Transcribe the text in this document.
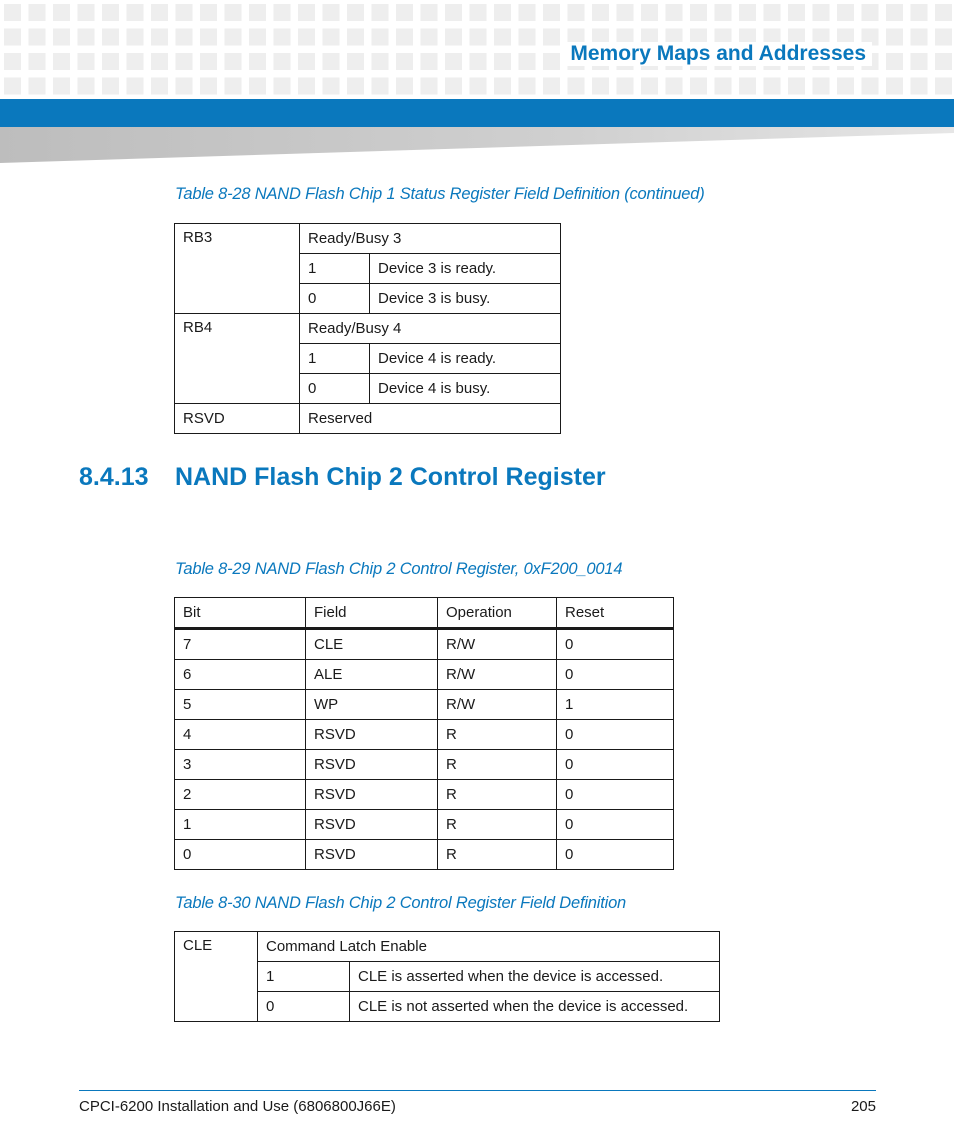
Memory Maps and Addresses
Table 8-28 NAND Flash Chip 1 Status Register Field Definition (continued)
RB3	Ready/Busy 3	
	1	Device 3 is ready.
	0	Device 3 is busy.
RB4	Ready/Busy 4	
	1	Device 4 is ready.
	0	Device 4 is busy.
RSVD	Reserved	
8.4.13 NAND Flash Chip 2 Control Register
Table 8-29 NAND Flash Chip 2 Control Register, 0xF200_0014
Bit	Field	Operation	Reset
7	CLE	R/W	0
6	ALE	R/W	0
5	WP	R/W	1
4	RSVD	R	0
3	RSVD	R	0
2	RSVD	R	0
1	RSVD	R	0
0	RSVD	R	0
Table 8-30 NAND Flash Chip 2 Control Register Field Definition
CLE	Command Latch Enable	
	1	CLE is asserted when the device is accessed.
	0	CLE is not asserted when the device is accessed.
CPCI-6200 Installation and Use (6806800J66E)	205
